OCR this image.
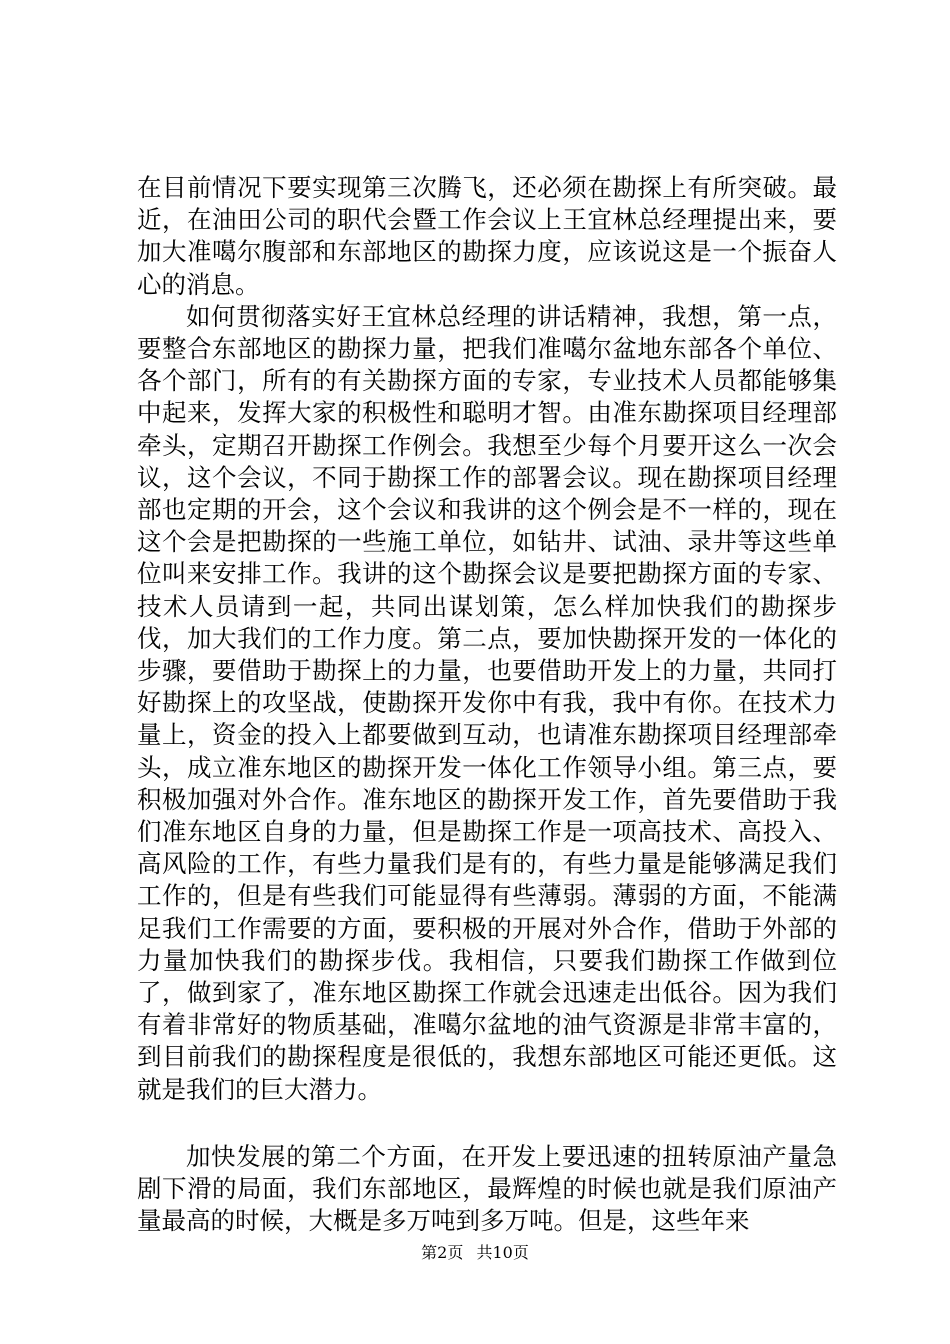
在目前情况下要实现第三次腾飞，还必须在勘探上有所突破。最近，在油田公司的职代会暨工作会议上王宜林总经理提出来，要加大准噶尔腹部和东部地区的勘探力度，应该说这是一个振奋人心的消息。

如何贯彻落实好王宜林总经理的讲话精神，我想，第一点，要整合东部地区的勘探力量，把我们准噶尔盆地东部各个单位、各个部门，所有的有关勘探方面的专家，专业技术人员都能够集中起来，发挥大家的积极性和聪明才智。由准东勘探项目经理部牵头，定期召开勘探工作例会。我想至少每个月要开这么一次会议，这个会议，不同于勘探工作的部署会议。现在勘探项目经理部也定期的开会，这个会议和我讲的这个例会是不一样的，现在这个会是把勘探的一些施工单位，如钻井、试油、录井等这些单位叫来安排工作。我讲的这个勘探会议是要把勘探方面的专家、技术人员请到一起，共同出谋划策，怎么样加快我们的勘探步伐，加大我们的工作力度。第二点，要加快勘探开发的一体化的步骤，要借助于勘探上的力量，也要借助开发上的力量，共同打好勘探上的攻坚战，使勘探开发你中有我，我中有你。在技术力量上，资金的投入上都要做到互动，也请准东勘探项目经理部牵头，成立准东地区的勘探开发一体化工作领导小组。第三点，要积极加强对外合作。准东地区的勘探开发工作，首先要借助于我们准东地区自身的力量，但是勘探工作是一项高技术、高投入、高风险的工作，有些力量我们是有的，有些力量是能够满足我们工作的，但是有些我们可能显得有些薄弱。薄弱的方面，不能满足我们工作需要的方面，要积极的开展对外合作，借助于外部的力量加快我们的勘探步伐。我相信，只要我们勘探工作做到位了，做到家了，准东地区勘探工作就会迅速走出低谷。因为我们有着非常好的物质基础，准噶尔盆地的油气资源是非常丰富的，到目前我们的勘探程度是很低的，我想东部地区可能还更低。这就是我们的巨大潜力。

加快发展的第二个方面，在开发上要迅速的扭转原油产量急剧下滑的局面，我们东部地区，最辉煌的时候也就是我们原油产量最高的时候，大概是多万吨到多万吨。但是，这些年来

第2页 共10页
